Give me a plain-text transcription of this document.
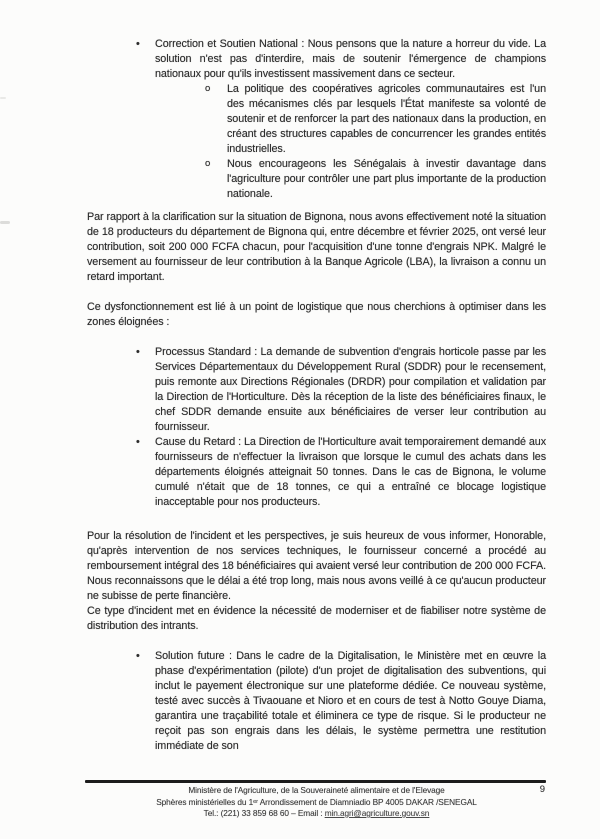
• Correction et Soutien National : Nous pensons que la nature a horreur du vide. La solution n'est pas d'interdire, mais de soutenir l'émergence de champions nationaux pour qu'ils investissent massivement dans ce secteur.
o La politique des coopératives agricoles communautaires est l'un des mécanismes clés par lesquels l'État manifeste sa volonté de soutenir et de renforcer la part des nationaux dans la production, en créant des structures capables de concurrencer les grandes entités industrielles.
o Nous encourageons les Sénégalais à investir davantage dans l'agriculture pour contrôler une part plus importante de la production nationale.

Par rapport à la clarification sur la situation de Bignona, nous avons effectivement noté la situation de 18 producteurs du département de Bignona qui, entre décembre et février 2025, ont versé leur contribution, soit 200 000 FCFA chacun, pour l'acquisition d'une tonne d'engrais NPK. Malgré le versement au fournisseur de leur contribution à la Banque Agricole (LBA), la livraison a connu un retard important.

Ce dysfonctionnement est lié à un point de logistique que nous cherchions à optimiser dans les zones éloignées :

• Processus Standard : La demande de subvention d'engrais horticole passe par les Services Départementaux du Développement Rural (SDDR) pour le recensement, puis remonte aux Directions Régionales (DRDR) pour compilation et validation par la Direction de l'Horticulture. Dès la réception de la liste des bénéficiaires finaux, le chef SDDR demande ensuite aux bénéficiaires de verser leur contribution au fournisseur.
• Cause du Retard : La Direction de l'Horticulture avait temporairement demandé aux fournisseurs de n'effectuer la livraison que lorsque le cumul des achats dans les départements éloignés atteignait 50 tonnes. Dans le cas de Bignona, le volume cumulé n'était que de 18 tonnes, ce qui a entraîné ce blocage logistique inacceptable pour nos producteurs.

Pour la résolution de l'incident et les perspectives, je suis heureux de vous informer, Honorable, qu'après intervention de nos services techniques, le fournisseur concerné a procédé au remboursement intégral des 18 bénéficiaires qui avaient versé leur contribution de 200 000 FCFA. Nous reconnaissons que le délai a été trop long, mais nous avons veillé à ce qu'aucun producteur ne subisse de perte financière.

Ce type d'incident met en évidence la nécessité de moderniser et de fiabiliser notre système de distribution des intrants.

• Solution future : Dans le cadre de la Digitalisation, le Ministère met en œuvre la phase d'expérimentation (pilote) d'un projet de digitalisation des subventions, qui inclut le payement électronique sur une plateforme dédiée. Ce nouveau système, testé avec succès à Tivaouane et Nioro et en cours de test à Notto Gouye Diama, garantira une traçabilité totale et éliminera ce type de risque. Si le producteur ne reçoit pas son engrais dans les délais, le système permettra une restitution immédiate de son
Ministère de l'Agriculture, de la Souveraineté alimentaire et de l'Elevage
Sphères ministérielles du 1ᵉʳ Arrondissement de Diamniadio BP 4005 DAKAR /SENEGAL
Tel.: (221) 33 859 68 60 – Email : min.agri@agriculture.gouv.sn
9
